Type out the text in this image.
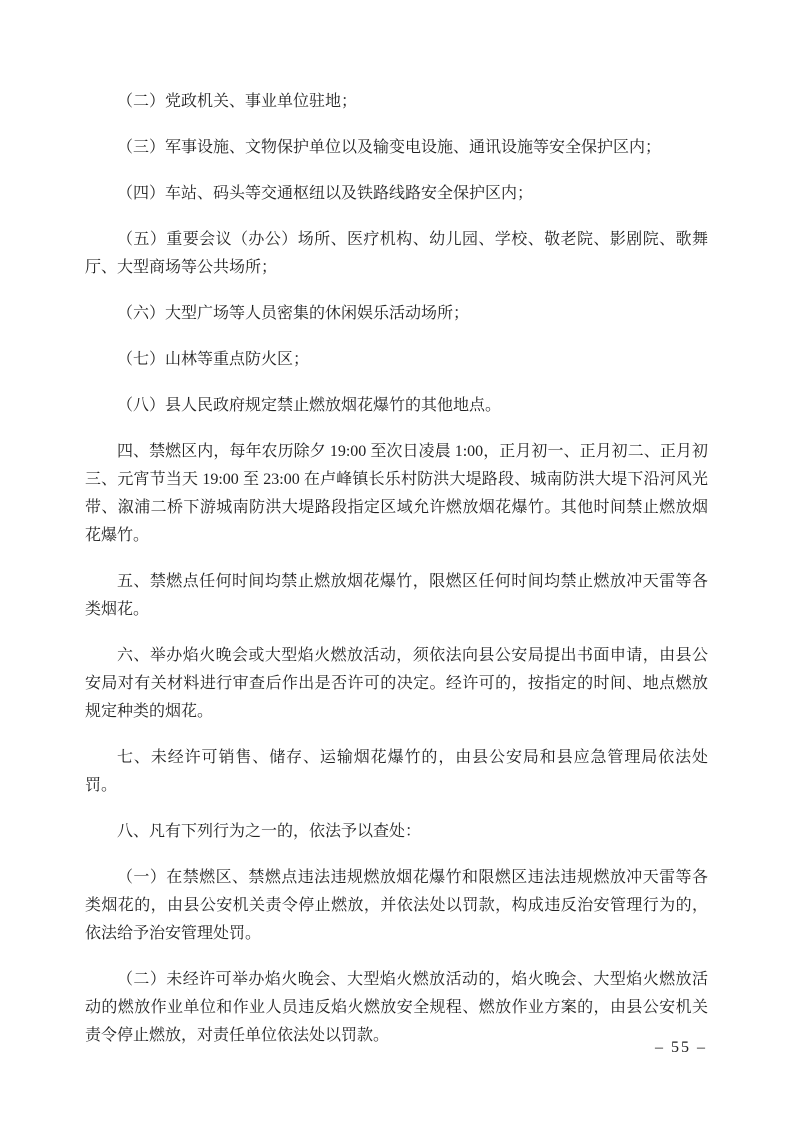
（二）党政机关、事业单位驻地；

（三）军事设施、文物保护单位以及输变电设施、通讯设施等安全保护区内；

（四）车站、码头等交通枢纽以及铁路线路安全保护区内；

（五）重要会议（办公）场所、医疗机构、幼儿园、学校、敬老院、影剧院、歌舞厅、大型商场等公共场所；

（六）大型广场等人员密集的休闲娱乐活动场所；

（七）山林等重点防火区；

（八）县人民政府规定禁止燃放烟花爆竹的其他地点。

四、禁燃区内，每年农历除夕 19:00 至次日凌晨 1:00，正月初一、正月初二、正月初三、元宵节当天 19:00 至 23:00 在卢峰镇长乐村防洪大堤路段、城南防洪大堤下沿河风光带、溆浦二桥下游城南防洪大堤路段指定区域允许燃放烟花爆竹。其他时间禁止燃放烟花爆竹。

五、禁燃点任何时间均禁止燃放烟花爆竹，限燃区任何时间均禁止燃放冲天雷等各类烟花。

六、举办焰火晚会或大型焰火燃放活动，须依法向县公安局提出书面申请，由县公安局对有关材料进行审查后作出是否许可的决定。经许可的，按指定的时间、地点燃放规定种类的烟花。

七、未经许可销售、储存、运输烟花爆竹的，由县公安局和县应急管理局依法处罚。

八、凡有下列行为之一的，依法予以查处：

（一）在禁燃区、禁燃点违法违规燃放烟花爆竹和限燃区违法违规燃放冲天雷等各类烟花的，由县公安机关责令停止燃放，并依法处以罚款，构成违反治安管理行为的，依法给予治安管理处罚。

（二）未经许可举办焰火晚会、大型焰火燃放活动的，焰火晚会、大型焰火燃放活动的燃放作业单位和作业人员违反焰火燃放安全规程、燃放作业方案的，由县公安机关责令停止燃放，对责任单位依法处以罚款。

– 55 –
